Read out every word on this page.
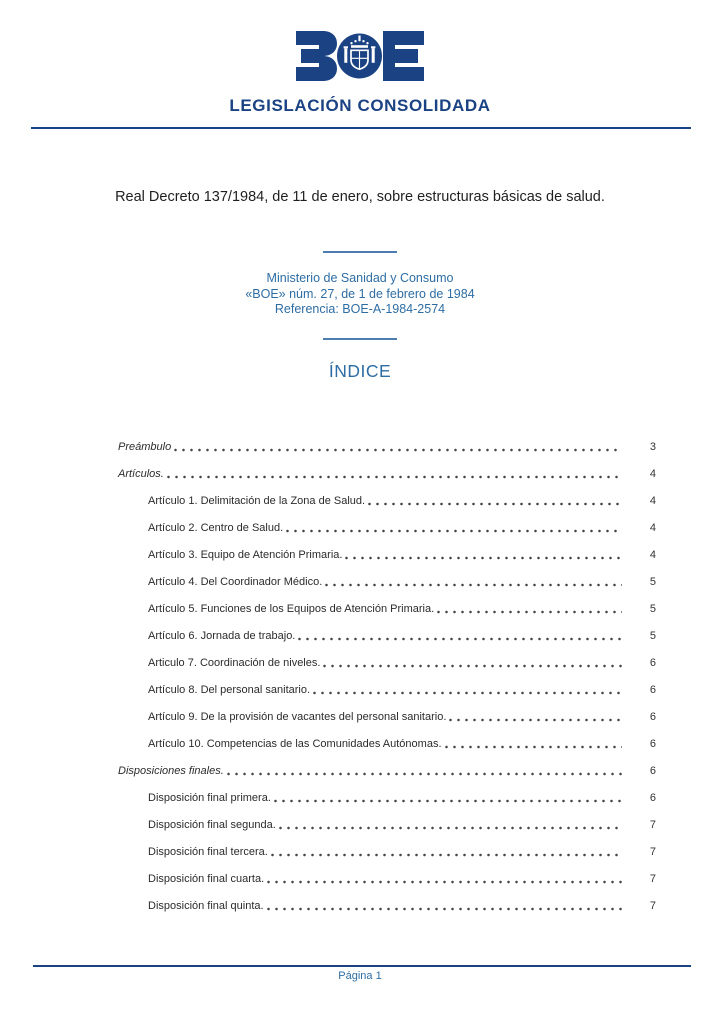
LEGISLACIÓN CONSOLIDADA
Real Decreto 137/1984, de 11 de enero, sobre estructuras básicas de salud.
Ministerio de Sanidad y Consumo
«BOE» núm. 27, de 1 de febrero de 1984
Referencia: BOE-A-1984-2574
ÍNDICE
Preámbulo	3
Artículos.	4
Artículo 1. Delimitación de la Zona de Salud.	4
Artículo 2. Centro de Salud.	4
Artículo 3. Equipo de Atención Primaria.	4
Artículo 4. Del Coordinador Médico.	5
Artículo 5. Funciones de los Equipos de Atención Primaria.	5
Artículo 6. Jornada de trabajo.	5
Articulo 7. Coordinación de niveles.	6
Artículo 8. Del personal sanitario.	6
Artículo 9. De la provisión de vacantes del personal sanitario.	6
Artículo 10. Competencias de las Comunidades Autónomas.	6
Disposiciones finales.	6
Disposición final primera.	6
Disposición final segunda.	7
Disposición final tercera.	7
Disposición final cuarta.	7
Disposición final quinta.	7
Página 1
